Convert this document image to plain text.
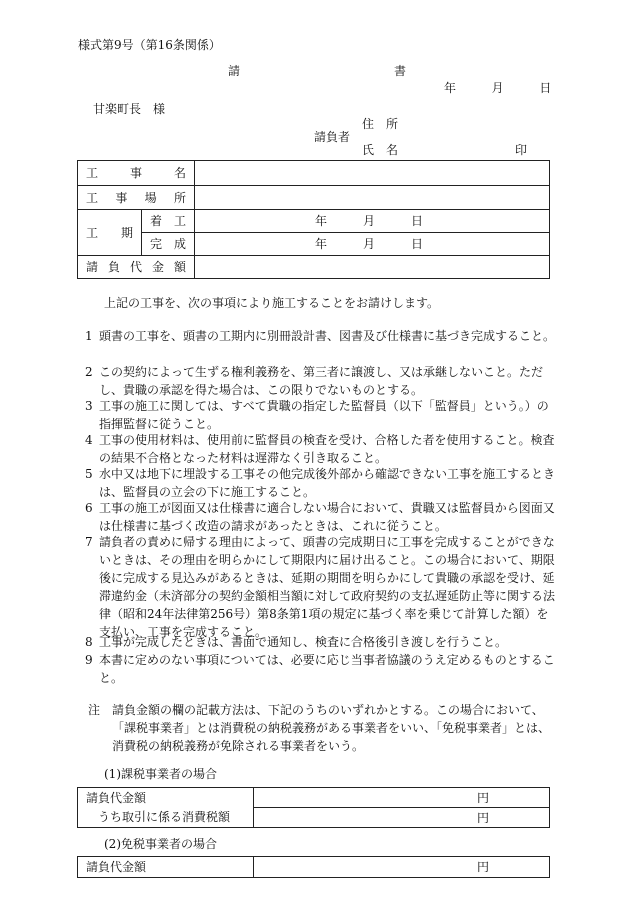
様式第9号（第16条関係）
請	書
年	月	日
甘楽町長　様
住　所
請負者
氏　名	印
工 事 名		

工 事 場 所		

工 期	着 工	年 月 日

	完 成	年 月 日

請 負 代 金 額		

上記の工事を、次の事項により施工することをお請けします。
1 頭書の工事を、頭書の工期内に別冊設計書、図書及び仕様書に基づき完成すること。
2 この契約によって生ずる権利義務を、第三者に譲渡し、又は承継しないこと。ただし、貴職の承認を得た場合は、この限りでないものとする。
3 工事の施工に関しては、すべて貴職の指定した監督員（以下「監督員」という。）の指揮監督に従うこと。
4 工事の使用材料は、使用前に監督員の検査を受け、合格した者を使用すること。検査の結果不合格となった材料は遅滞なく引き取ること。
5 水中又は地下に埋設する工事その他完成後外部から確認できない工事を施工するときは、監督員の立会の下に施工すること。
6 工事の施工が図面又は仕様書に適合しない場合において、貴職又は監督員から図面又は仕様書に基づく改造の請求があったときは、これに従うこと。
7 請負者の責めに帰する理由によって、頭書の完成期日に工事を完成することができないときは、その理由を明らかにして期限内に届け出ること。この場合において、期限後に完成する見込みがあるときは、延期の期間を明らかにして貴職の承認を受け、延滞違約金（未済部分の契約金額相当額に対して政府契約の支払遅延防止等に関する法律（昭和24年法律第256号）第8条第1項の規定に基づく率を乗じて計算した額）を支払い、工事を完成すること。
8 工事が完成したときは、書面で通知し、検査に合格後引き渡しを行うこと。
9 本書に定めのない事項については、必要に応じ当事者協議のうえ定めるものとすること。
注 請負金額の欄の記載方法は、下記のうちのいずれかとする。この場合において、「課税事業者」とは消費税の納税義務がある事業者をいい、「免税事業者」とは、消費税の納税義務が免除される事業者をいう。
(1)課税事業者の場合
請負代金額	円
うち取引に係る消費税額	円
(2)免税事業者の場合
請負代金額	円
